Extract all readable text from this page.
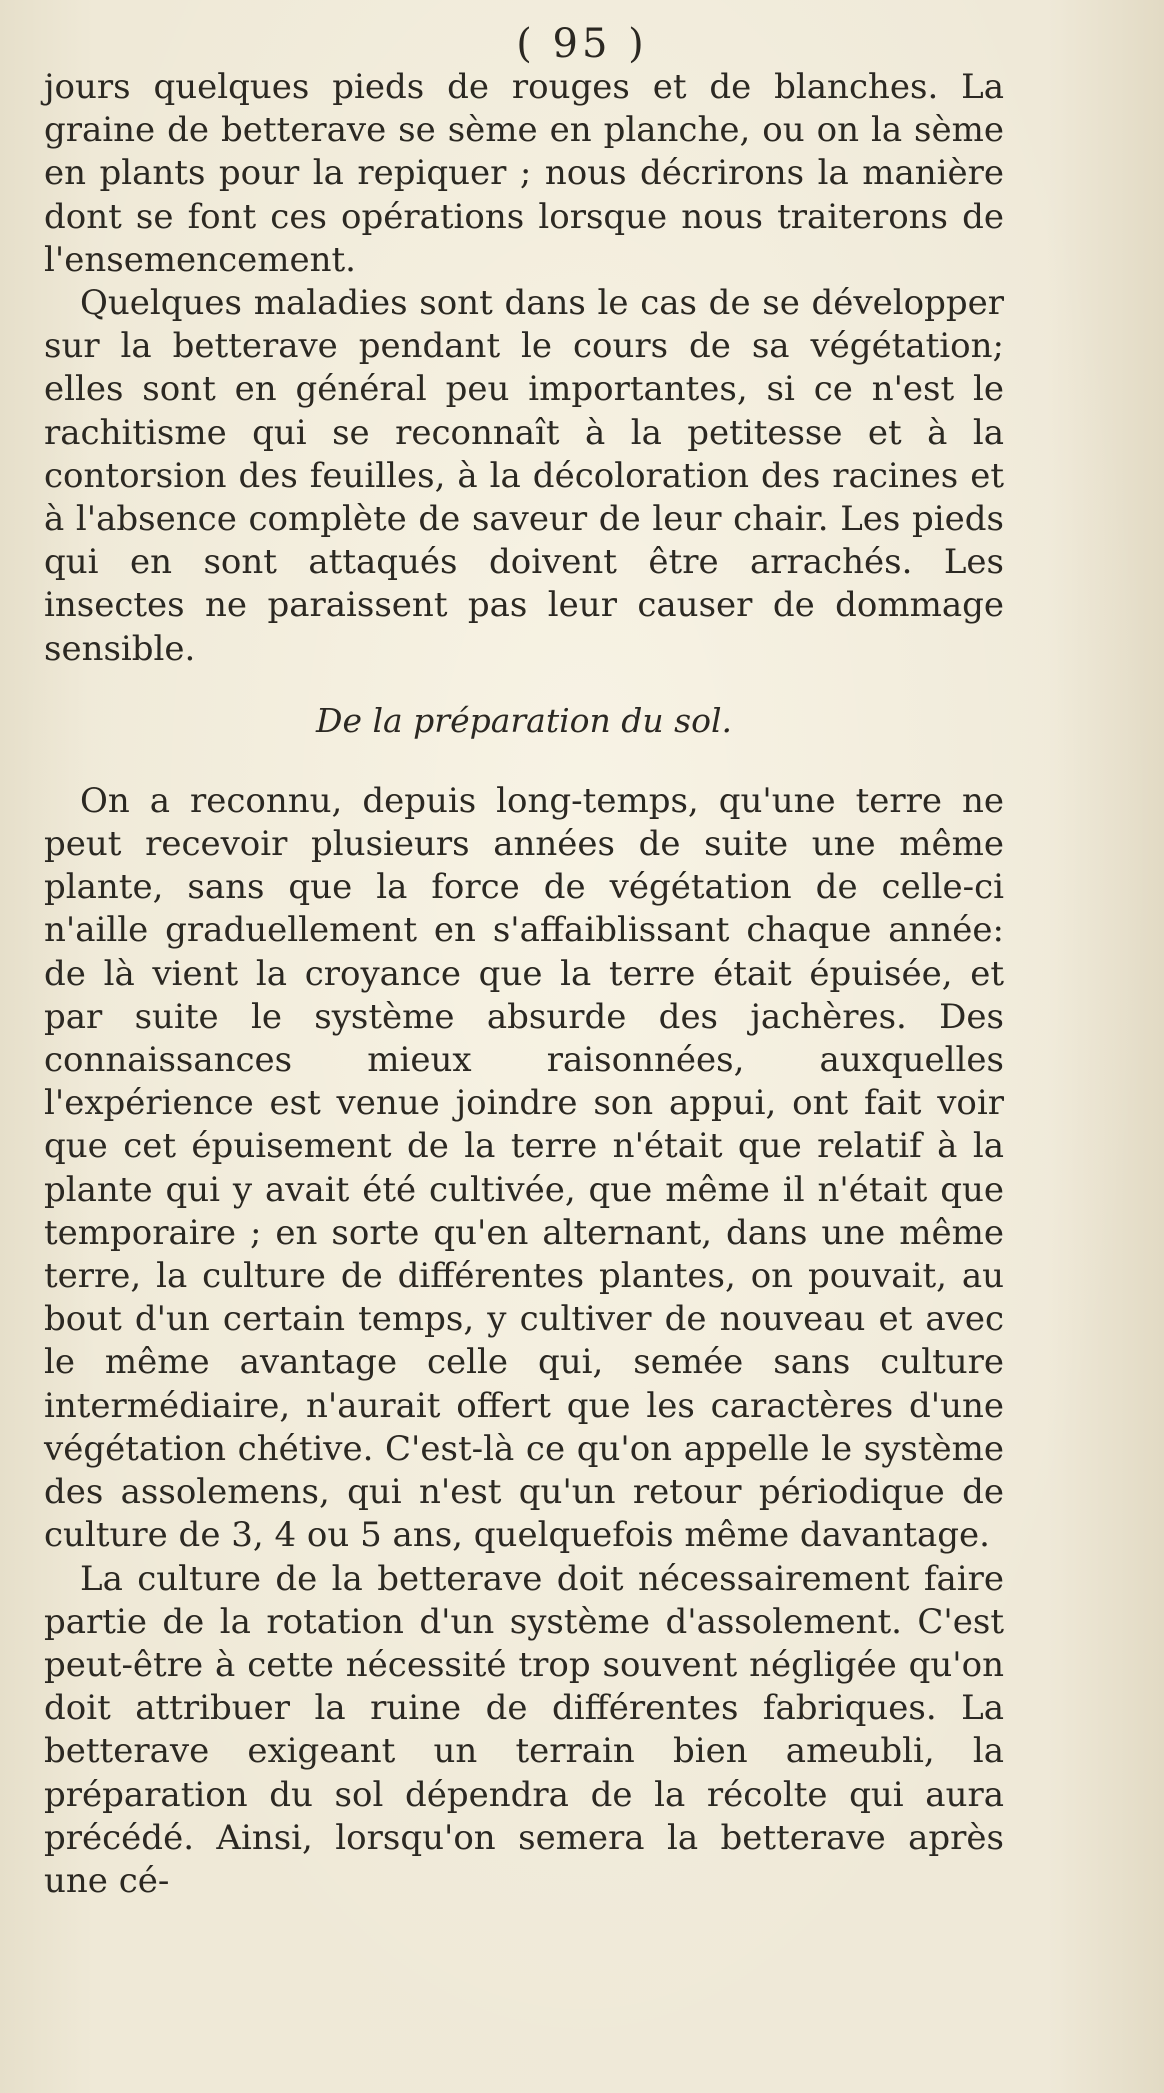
( 95 )

jours quelques pieds de rouges et de blanches. La graine de betterave se sème en planche, ou on la sème en plants pour la repiquer ; nous décrirons la manière dont se font ces opérations lorsque nous traiterons de l'ensemencement.

Quelques maladies sont dans le cas de se développer sur la betterave pendant le cours de sa végétation; elles sont en général peu importantes, si ce n'est le rachitisme qui se reconnaît à la petitesse et à la contorsion des feuilles, à la décoloration des racines et à l'absence complète de saveur de leur chair. Les pieds qui en sont attaqués doivent être arrachés. Les insectes ne paraissent pas leur causer de dommage sensible.

De la préparation du sol.

On a reconnu, depuis long-temps, qu'une terre ne peut recevoir plusieurs années de suite une même plante, sans que la force de végétation de celle-ci n'aille graduellement en s'affaiblissant chaque année: de là vient la croyance que la terre était épuisée, et par suite le système absurde des jachères. Des connaissances mieux raisonnées, auxquelles l'expérience est venue joindre son appui, ont fait voir que cet épuisement de la terre n'était que relatif à la plante qui y avait été cultivée, que même il n'était que temporaire ; en sorte qu'en alternant, dans une même terre, la culture de différentes plantes, on pouvait, au bout d'un certain temps, y cultiver de nouveau et avec le même avantage celle qui, semée sans culture intermédiaire, n'aurait offert que les caractères d'une végétation chétive. C'est-là ce qu'on appelle le système des assolemens, qui n'est qu'un retour périodique de culture de 3, 4 ou 5 ans, quelquefois même davantage.

La culture de la betterave doit nécessairement faire partie de la rotation d'un système d'assolement. C'est peut-être à cette nécessité trop souvent négligée qu'on doit attribuer la ruine de différentes fabriques. La betterave exigeant un terrain bien ameubli, la préparation du sol dépendra de la récolte qui aura précédé. Ainsi, lorsqu'on semera la betterave après une cé-
